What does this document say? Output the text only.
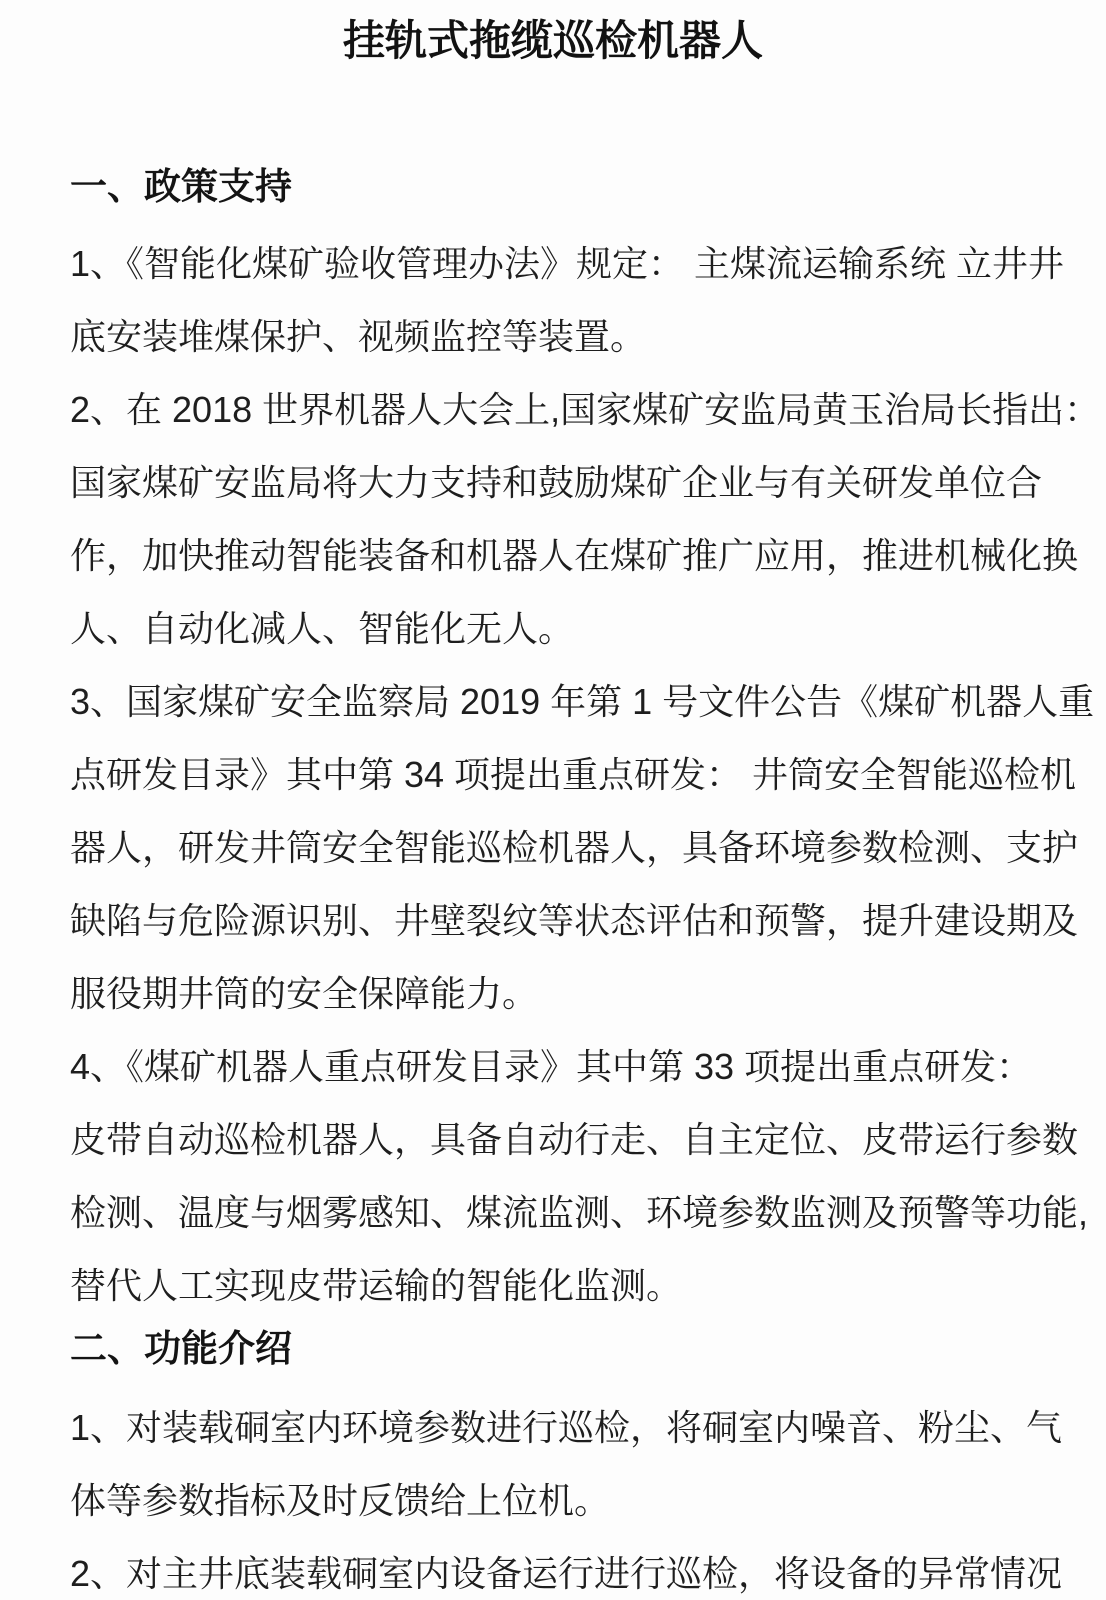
挂轨式拖缆巡检机器人
一、政策支持
1、《智能化煤矿验收管理办法》规定： 主煤流运输系统 立井井
底安装堆煤保护、视频监控等装置。
2、在 2018 世界机器人大会上,国家煤矿安监局黄玉治局长指出：
国家煤矿安监局将大力支持和鼓励煤矿企业与有关研发单位合
作，加快推动智能装备和机器人在煤矿推广应用，推进机械化换
人、自动化减人、智能化无人。
3、国家煤矿安全监察局 2019 年第 1 号文件公告《煤矿机器人重
点研发目录》其中第 34 项提出重点研发： 井筒安全智能巡检机
器人，研发井筒安全智能巡检机器人，具备环境参数检测、支护
缺陷与危险源识别、井壁裂纹等状态评估和预警，提升建设期及
服役期井筒的安全保障能力。
4、《煤矿机器人重点研发目录》其中第 33 项提出重点研发：
皮带自动巡检机器人，具备自动行走、自主定位、皮带运行参数
检测、温度与烟雾感知、煤流监测、环境参数监测及预警等功能,
替代人工实现皮带运输的智能化监测。
二、功能介绍
1、对装载硐室内环境参数进行巡检，将硐室内噪音、粉尘、气
体等参数指标及时反馈给上位机。
2、对主井底装载硐室内设备运行进行巡检，将设备的异常情况
